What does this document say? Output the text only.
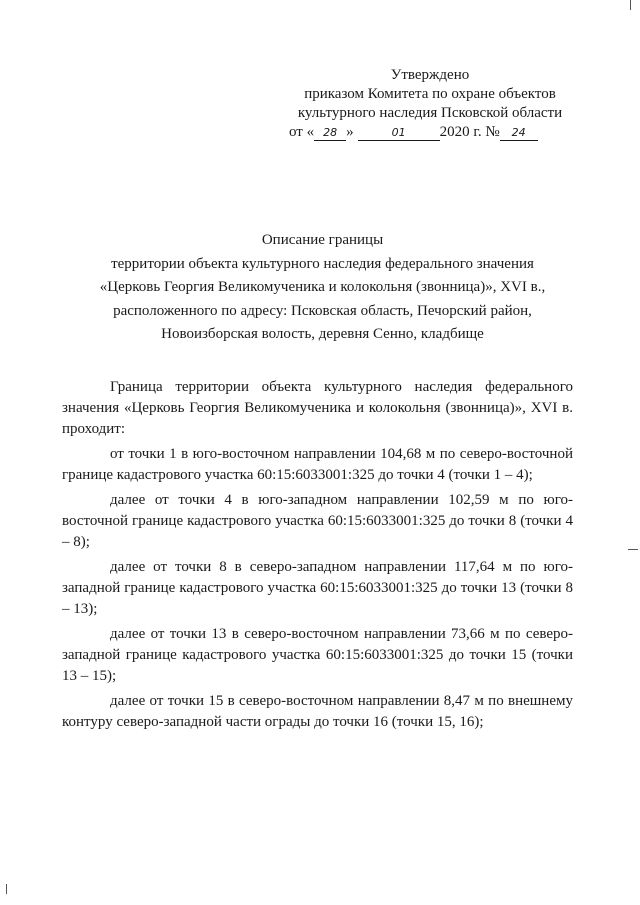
Утверждено
приказом Комитета по охране объектов
культурного наследия Псковской области
от « 28 »	01 2020 г. № 24
Описание границы
территории объекта культурного наследия федерального значения
«Церковь Георгия Великомученика и колокольня (звонница)», XVI в.,
расположенного по адресу: Псковская область, Печорский район,
Новоизборская волость, деревня Сенно, кладбище

Граница территории объекта культурного наследия федерального значения «Церковь Георгия Великомученика и колокольня (звонница)», XVI в. проходит:

от точки 1 в юго-восточном направлении 104,68 м по северо-восточной границе кадастрового участка 60:15:6033001:325 до точки 4 (точки 1 – 4);

далее от точки 4 в юго-западном направлении 102,59 м по юго-восточной границе кадастрового участка 60:15:6033001:325 до точки 8 (точки 4 – 8);

далее от точки 8 в северо-западном направлении 117,64 м по юго-западной границе кадастрового участка 60:15:6033001:325 до точки 13 (точки 8 – 13);

далее от точки 13 в северо-восточном направлении 73,66 м по северо-западной границе кадастрового участка 60:15:6033001:325 до точки 15 (точки 13 – 15);

далее от точки 15 в северо-восточном направлении 8,47 м по внешнему контуру северо-западной части ограды до точки 16 (точки 15, 16);
